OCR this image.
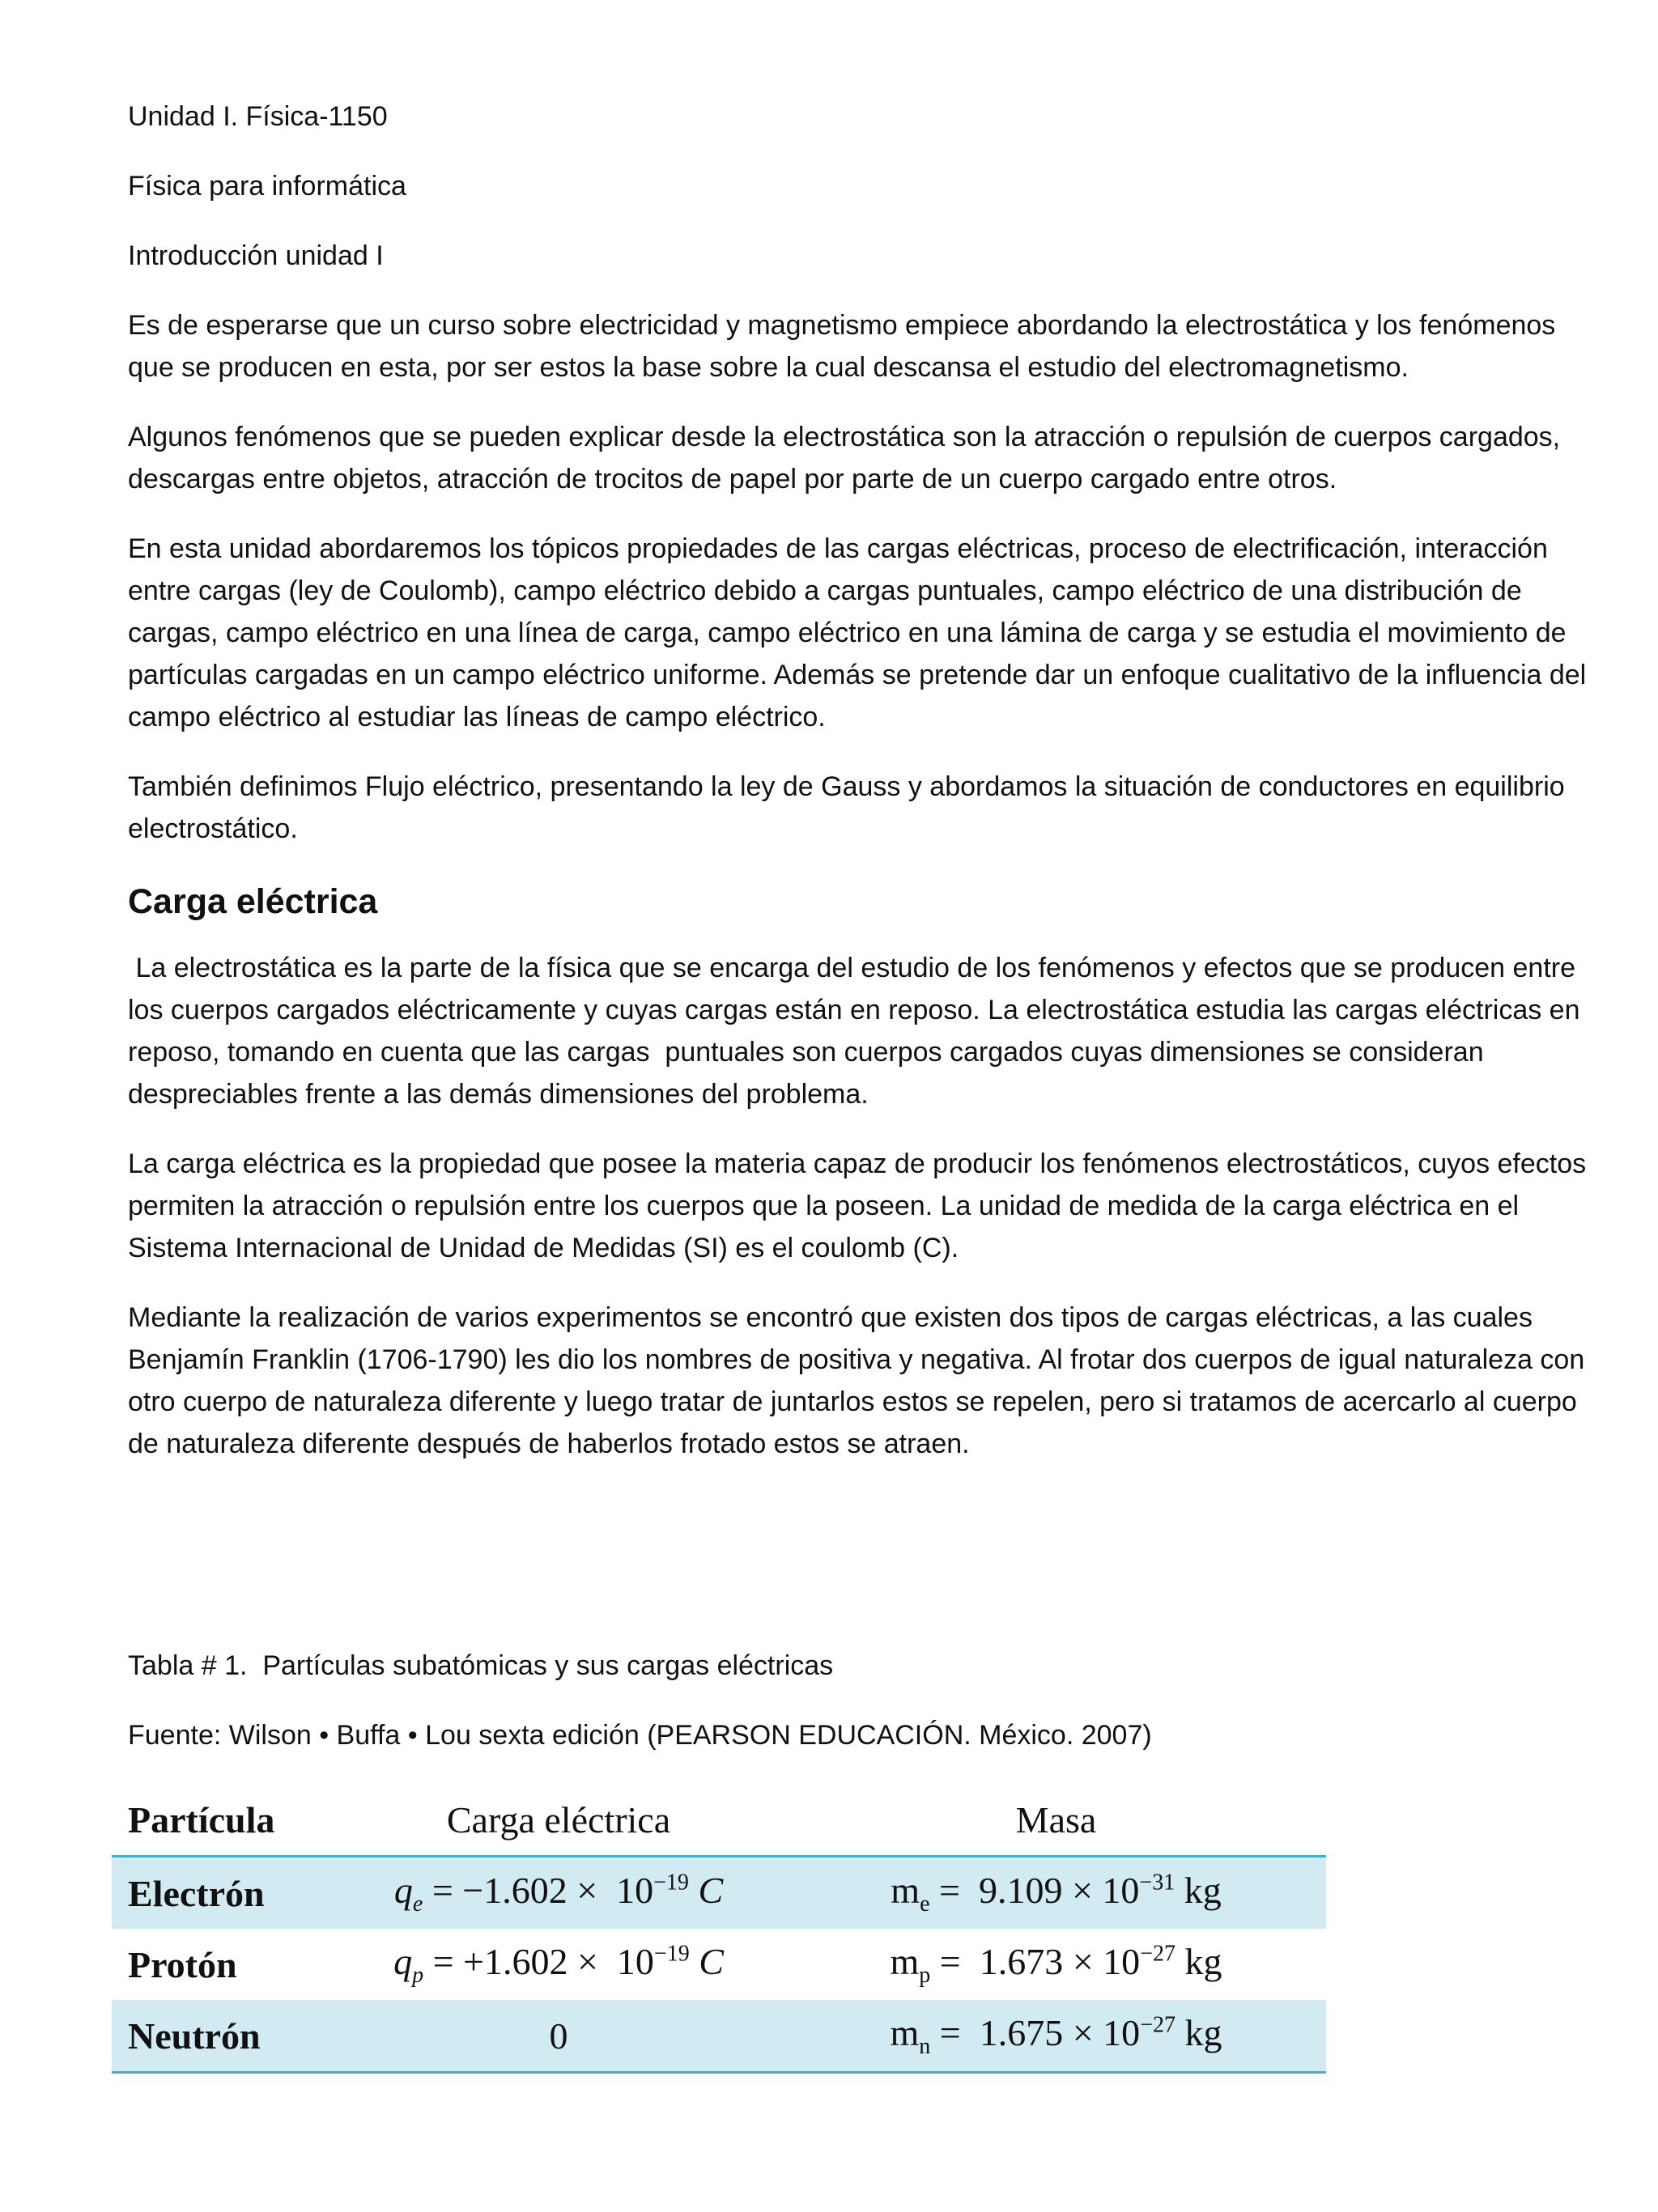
Unidad I. Física-1150

Física para informática

Introducción unidad I

Es de esperarse que un curso sobre electricidad y magnetismo empiece abordando la electrostática y los fenómenos que se producen en esta, por ser estos la base sobre la cual descansa el estudio del electromagnetismo.

Algunos fenómenos que se pueden explicar desde la electrostática son la atracción o repulsión de cuerpos cargados, descargas entre objetos, atracción de trocitos de papel por parte de un cuerpo cargado entre otros.

En esta unidad abordaremos los tópicos propiedades de las cargas eléctricas, proceso de electrificación, interacción entre cargas (ley de Coulomb), campo eléctrico debido a cargas puntuales, campo eléctrico de una distribución de cargas, campo eléctrico en una línea de carga, campo eléctrico en una lámina de carga y se estudia el movimiento de partículas cargadas en un campo eléctrico uniforme. Además se pretende dar un enfoque cualitativo de la influencia del campo eléctrico al estudiar las líneas de campo eléctrico.

También definimos Flujo eléctrico, presentando la ley de Gauss y abordamos la situación de conductores en equilibrio electrostático.

Carga eléctrica

La electrostática es la parte de la física que se encarga del estudio de los fenómenos y efectos que se producen entre los cuerpos cargados eléctricamente y cuyas cargas están en reposo. La electrostática estudia las cargas eléctricas en reposo, tomando en cuenta que las cargas  puntuales son cuerpos cargados cuyas dimensiones se consideran despreciables frente a las demás dimensiones del problema.

La carga eléctrica es la propiedad que posee la materia capaz de producir los fenómenos electrostáticos, cuyos efectos permiten la atracción o repulsión entre los cuerpos que la poseen. La unidad de medida de la carga eléctrica en el Sistema Internacional de Unidad de Medidas (SI) es el coulomb (C).

Mediante la realización de varios experimentos se encontró que existen dos tipos de cargas eléctricas, a las cuales Benjamín Franklin (1706-1790) les dio los nombres de positiva y negativa. Al frotar dos cuerpos de igual naturaleza con otro cuerpo de naturaleza diferente y luego tratar de juntarlos estos se repelen, pero si tratamos de acercarlo al cuerpo de naturaleza diferente después de haberlos frotado estos se atraen.

Tabla # 1.  Partículas subatómicas y sus cargas eléctricas

Fuente: Wilson • Buffa • Lou sexta edición (PEARSON EDUCACIÓN. México. 2007)

Partícula	Carga eléctrica	Masa
Electrón	$q_e = -1.602 \times 10^{-19}$ C	$m_e = 9.109 \times 10^{-31}$ kg
Protón	$q_p = +1.602 \times 10^{-19}$ C	$m_p = 1.673 \times 10^{-27}$ kg
Neutrón	0	$m_n = 1.675 \times 10^{-27}$ kg
